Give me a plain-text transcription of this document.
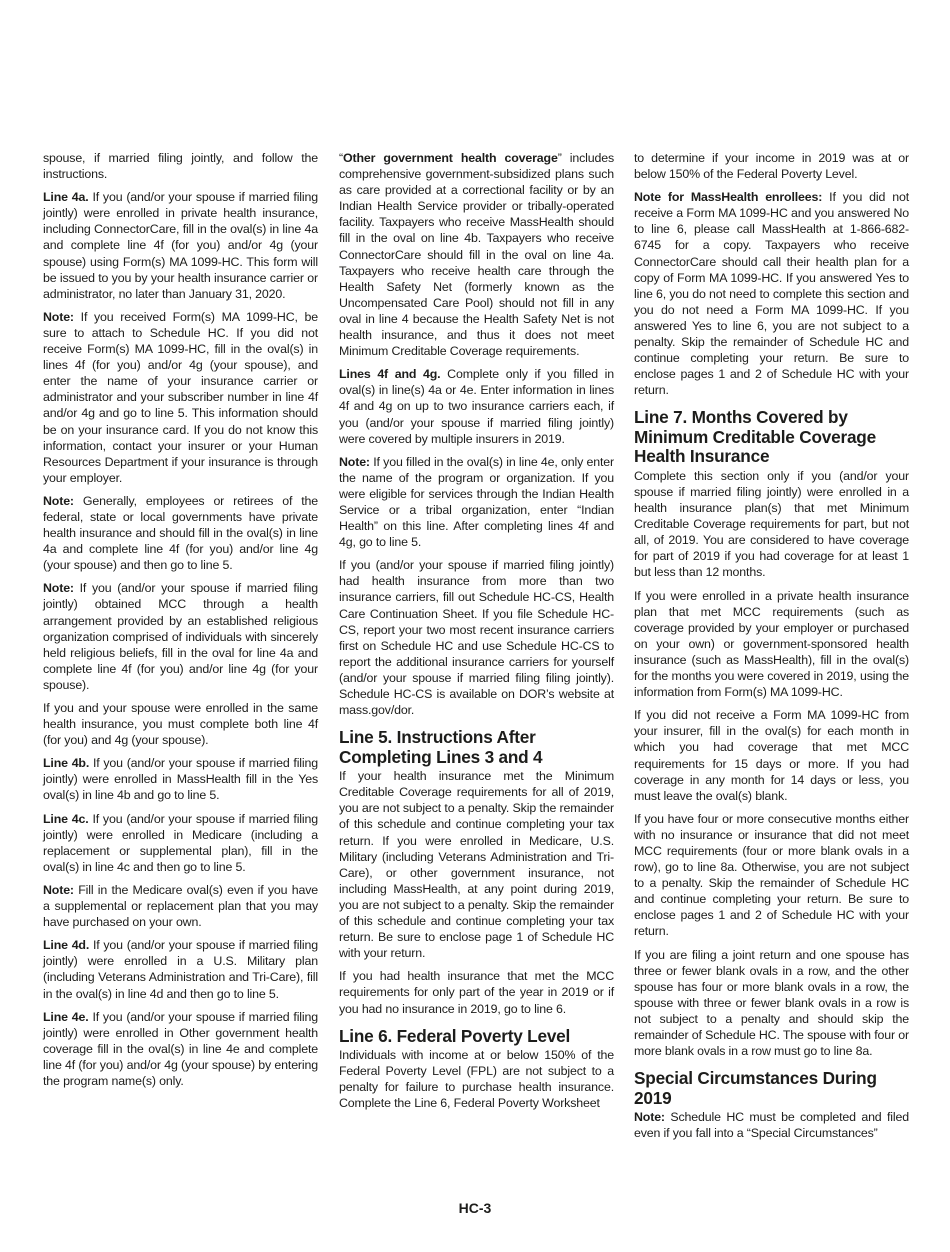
spouse, if married filing jointly, and follow the instructions.

Line 4a. If you (and/or your spouse if married filing jointly) were enrolled in private health insurance, including ConnectorCare, fill in the oval(s) in line 4a and complete line 4f (for you) and/or 4g (your spouse) using Form(s) MA 1099-HC. This form will be issued to you by your health insurance carrier or administrator, no later than January 31, 2020.

Note: If you received Form(s) MA 1099-HC, be sure to attach to Schedule HC. If you did not receive Form(s) MA 1099-HC, fill in the oval(s) in lines 4f (for you) and/or 4g (your spouse), and enter the name of your insurance carrier or administrator and your subscriber number in line 4f and/or 4g and go to line 5. This information should be on your insurance card. If you do not know this information, contact your insurer or your Human Resources Department if your insurance is through your employer.

Note: Generally, employees or retirees of the federal, state or local governments have private health insurance and should fill in the oval(s) in line 4a and complete line 4f (for you) and/or line 4g (your spouse) and then go to line 5.

Note: If you (and/or your spouse if married filing jointly) obtained MCC through a health arrangement provided by an established religious organization comprised of individuals with sincerely held religious beliefs, fill in the oval for line 4a and complete line 4f (for you) and/or line 4g (for your spouse).

If you and your spouse were enrolled in the same health insurance, you must complete both line 4f (for you) and 4g (your spouse).

Line 4b. If you (and/or your spouse if married filing jointly) were enrolled in MassHealth fill in the Yes oval(s) in line 4b and go to line 5.

Line 4c. If you (and/or your spouse if married filing jointly) were enrolled in Medicare (including a replacement or supplemental plan), fill in the oval(s) in line 4c and then go to line 5.

Note: Fill in the Medicare oval(s) even if you have a supplemental or replacement plan that you may have purchased on your own.

Line 4d. If you (and/or your spouse if married filing jointly) were enrolled in a U.S. Military plan (including Veterans Administration and Tri-Care), fill in the oval(s) in line 4d and then go to line 5.

Line 4e. If you (and/or your spouse if married filing jointly) were enrolled in Other government health coverage fill in the oval(s) in line 4e and complete line 4f (for you) and/or 4g (your spouse) by entering the program name(s) only.

“Other government health coverage” includes comprehensive government-subsidized plans such as care provided at a correctional facility or by an Indian Health Service provider or tribally-operated facility. Taxpayers who receive MassHealth should fill in the oval on line 4b. Taxpayers who receive ConnectorCare should fill in the oval on line 4a. Taxpayers who receive health care through the Health Safety Net (formerly known as the Uncompensated Care Pool) should not fill in any oval in line 4 because the Health Safety Net is not health insurance, and thus it does not meet Minimum Creditable Coverage requirements.

Lines 4f and 4g. Complete only if you filled in oval(s) in line(s) 4a or 4e. Enter information in lines 4f and 4g on up to two insurance carriers each, if you (and/or your spouse if married filing jointly) were covered by multiple insurers in 2019.

Note: If you filled in the oval(s) in line 4e, only enter the name of the program or organization. If you were eligible for services through the Indian Health Service or a tribal organization, enter “Indian Health” on this line. After completing lines 4f and 4g, go to line 5.

If you (and/or your spouse if married filing jointly) had health insurance from more than two insurance carriers, fill out Schedule HC-CS, Health Care Continuation Sheet. If you file Schedule HC-CS, report your two most recent insurance carriers first on Schedule HC and use Schedule HC-CS to report the additional insurance carriers for yourself (and/or your spouse if married filing filing jointly). Schedule HC-CS is available on DOR’s website at mass.gov/dor.

Line 5. Instructions After Completing Lines 3 and 4

If your health insurance met the Minimum Creditable Coverage requirements for all of 2019, you are not subject to a penalty. Skip the remainder of this schedule and continue completing your tax return. If you were enrolled in Medicare, U.S. Military (including Veterans Administration and Tri-Care), or other government insurance, not including MassHealth, at any point during 2019, you are not subject to a penalty. Skip the remainder of this schedule and continue completing your tax return. Be sure to enclose page 1 of Schedule HC with your return.

If you had health insurance that met the MCC requirements for only part of the year in 2019 or if you had no insurance in 2019, go to line 6.

Line 6. Federal Poverty Level

Individuals with income at or below 150% of the Federal Poverty Level (FPL) are not subject to a penalty for failure to purchase health insurance. Complete the Line 6, Federal Poverty Worksheet

to determine if your income in 2019 was at or below 150% of the Federal Poverty Level.

Note for MassHealth enrollees: If you did not receive a Form MA 1099-HC and you answered No to line 6, please call MassHealth at 1-866-682-6745 for a copy. Taxpayers who receive ConnectorCare should call their health plan for a copy of Form MA 1099-HC. If you answered Yes to line 6, you do not need to complete this section and you do not need a Form MA 1099-HC. If you answered Yes to line 6, you are not subject to a penalty. Skip the remainder of Schedule HC and continue completing your return. Be sure to enclose pages 1 and 2 of Schedule HC with your return.

Line 7. Months Covered by Minimum Creditable Coverage Health Insurance

Complete this section only if you (and/or your spouse if married filing jointly) were enrolled in a health insurance plan(s) that met Minimum Creditable Coverage requirements for part, but not all, of 2019. You are considered to have coverage for part of 2019 if you had coverage for at least 1 but less than 12 months.

If you were enrolled in a private health insurance plan that met MCC requirements (such as coverage provided by your employer or purchased on your own) or government-sponsored health insurance (such as MassHealth), fill in the oval(s) for the months you were covered in 2019, using the information from Form(s) MA 1099-HC.

If you did not receive a Form MA 1099-HC from your insurer, fill in the oval(s) for each month in which you had coverage that met MCC requirements for 15 days or more. If you had coverage in any month for 14 days or less, you must leave the oval(s) blank.

If you have four or more consecutive months either with no insurance or insurance that did not meet MCC requirements (four or more blank ovals in a row), go to line 8a. Otherwise, you are not subject to a penalty. Skip the remainder of Schedule HC and continue completing your return. Be sure to enclose pages 1 and 2 of Schedule HC with your return.

If you are filing a joint return and one spouse has three or fewer blank ovals in a row, and the other spouse has four or more blank ovals in a row, the spouse with three or fewer blank ovals in a row is not subject to a penalty and should skip the remainder of Schedule HC. The spouse with four or more blank ovals in a row must go to line 8a.

Special Circumstances During 2019

Note: Schedule HC must be completed and filed even if you fall into a “Special Circumstances”

HC-3
